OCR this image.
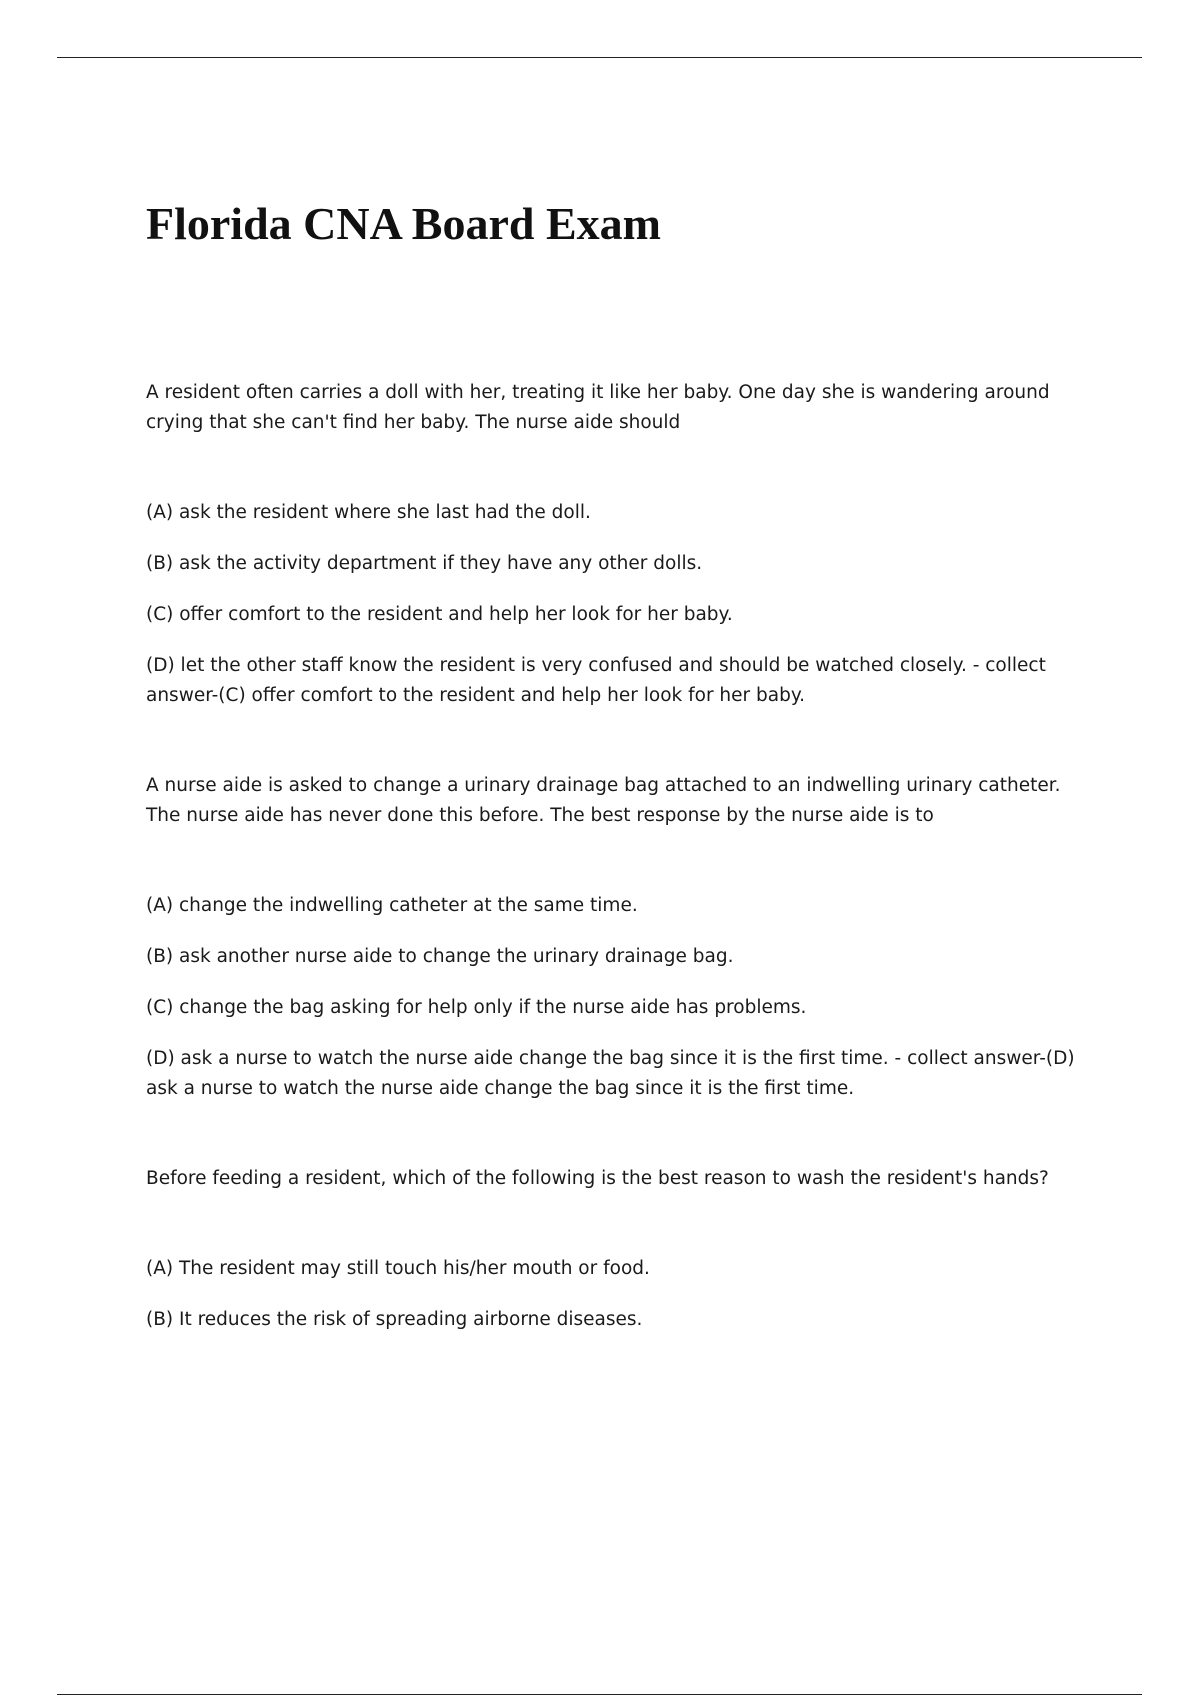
Florida CNA Board Exam

A resident often carries a doll with her, treating it like her baby. One day she is wandering around crying that she can't find her baby. The nurse aide should

(A) ask the resident where she last had the doll.
(B) ask the activity department if they have any other dolls.
(C) offer comfort to the resident and help her look for her baby.
(D) let the other staff know the resident is very confused and should be watched closely. - collect answer-(C) offer comfort to the resident and help her look for her baby.

A nurse aide is asked to change a urinary drainage bag attached to an indwelling urinary catheter. The nurse aide has never done this before. The best response by the nurse aide is to

(A) change the indwelling catheter at the same time.
(B) ask another nurse aide to change the urinary drainage bag.
(C) change the bag asking for help only if the nurse aide has problems.
(D) ask a nurse to watch the nurse aide change the bag since it is the first time. - collect answer-(D) ask a nurse to watch the nurse aide change the bag since it is the first time.

Before feeding a resident, which of the following is the best reason to wash the resident's hands?

(A) The resident may still touch his/her mouth or food.
(B) It reduces the risk of spreading airborne diseases.
